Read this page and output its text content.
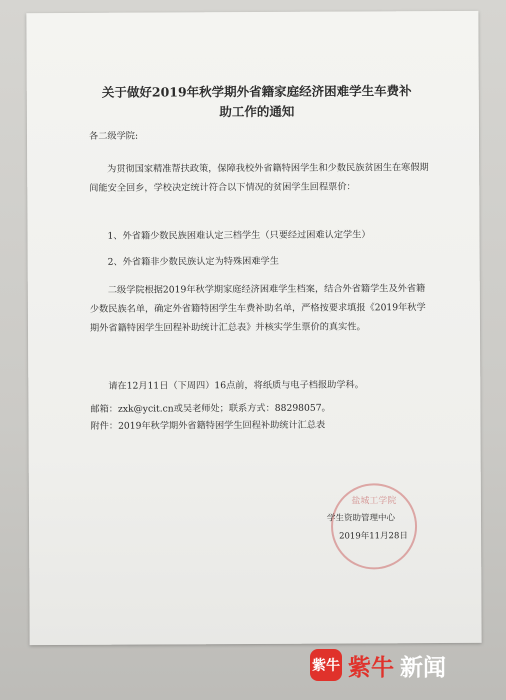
关于做好2019年秋学期外省籍家庭经济困难学生车费补助工作的通知

各二级学院:

为贯彻国家精准帮扶政策，保障我校外省籍特困学生和少数民族贫困生在寒假期间能安全回乡，学校决定统计符合以下情况的贫困学生回程票价：

1、外省籍少数民族困难认定三档学生（只要经过困难认定学生）

2、外省籍非少数民族认定为特殊困难学生

二级学院根据2019年秋学期家庭经济困难学生档案，结合外省籍学生及外省籍少数民族名单，确定外省籍特困学生车费补助名单，严格按要求填报《2019年秋学期外省籍特困学生回程补助统计汇总表》并核实学生票价的真实性。

请在12月11日（下周四）16点前，将纸质与电子档报助学科。

邮箱：zxk@ycit.cn或吴老师处；联系方式：88298057。

附件：2019年秋学期外省籍特困学生回程补助统计汇总表

盐城工学院

学生资助管理中心

2019年11月28日

紫牛 紫牛 新闻
